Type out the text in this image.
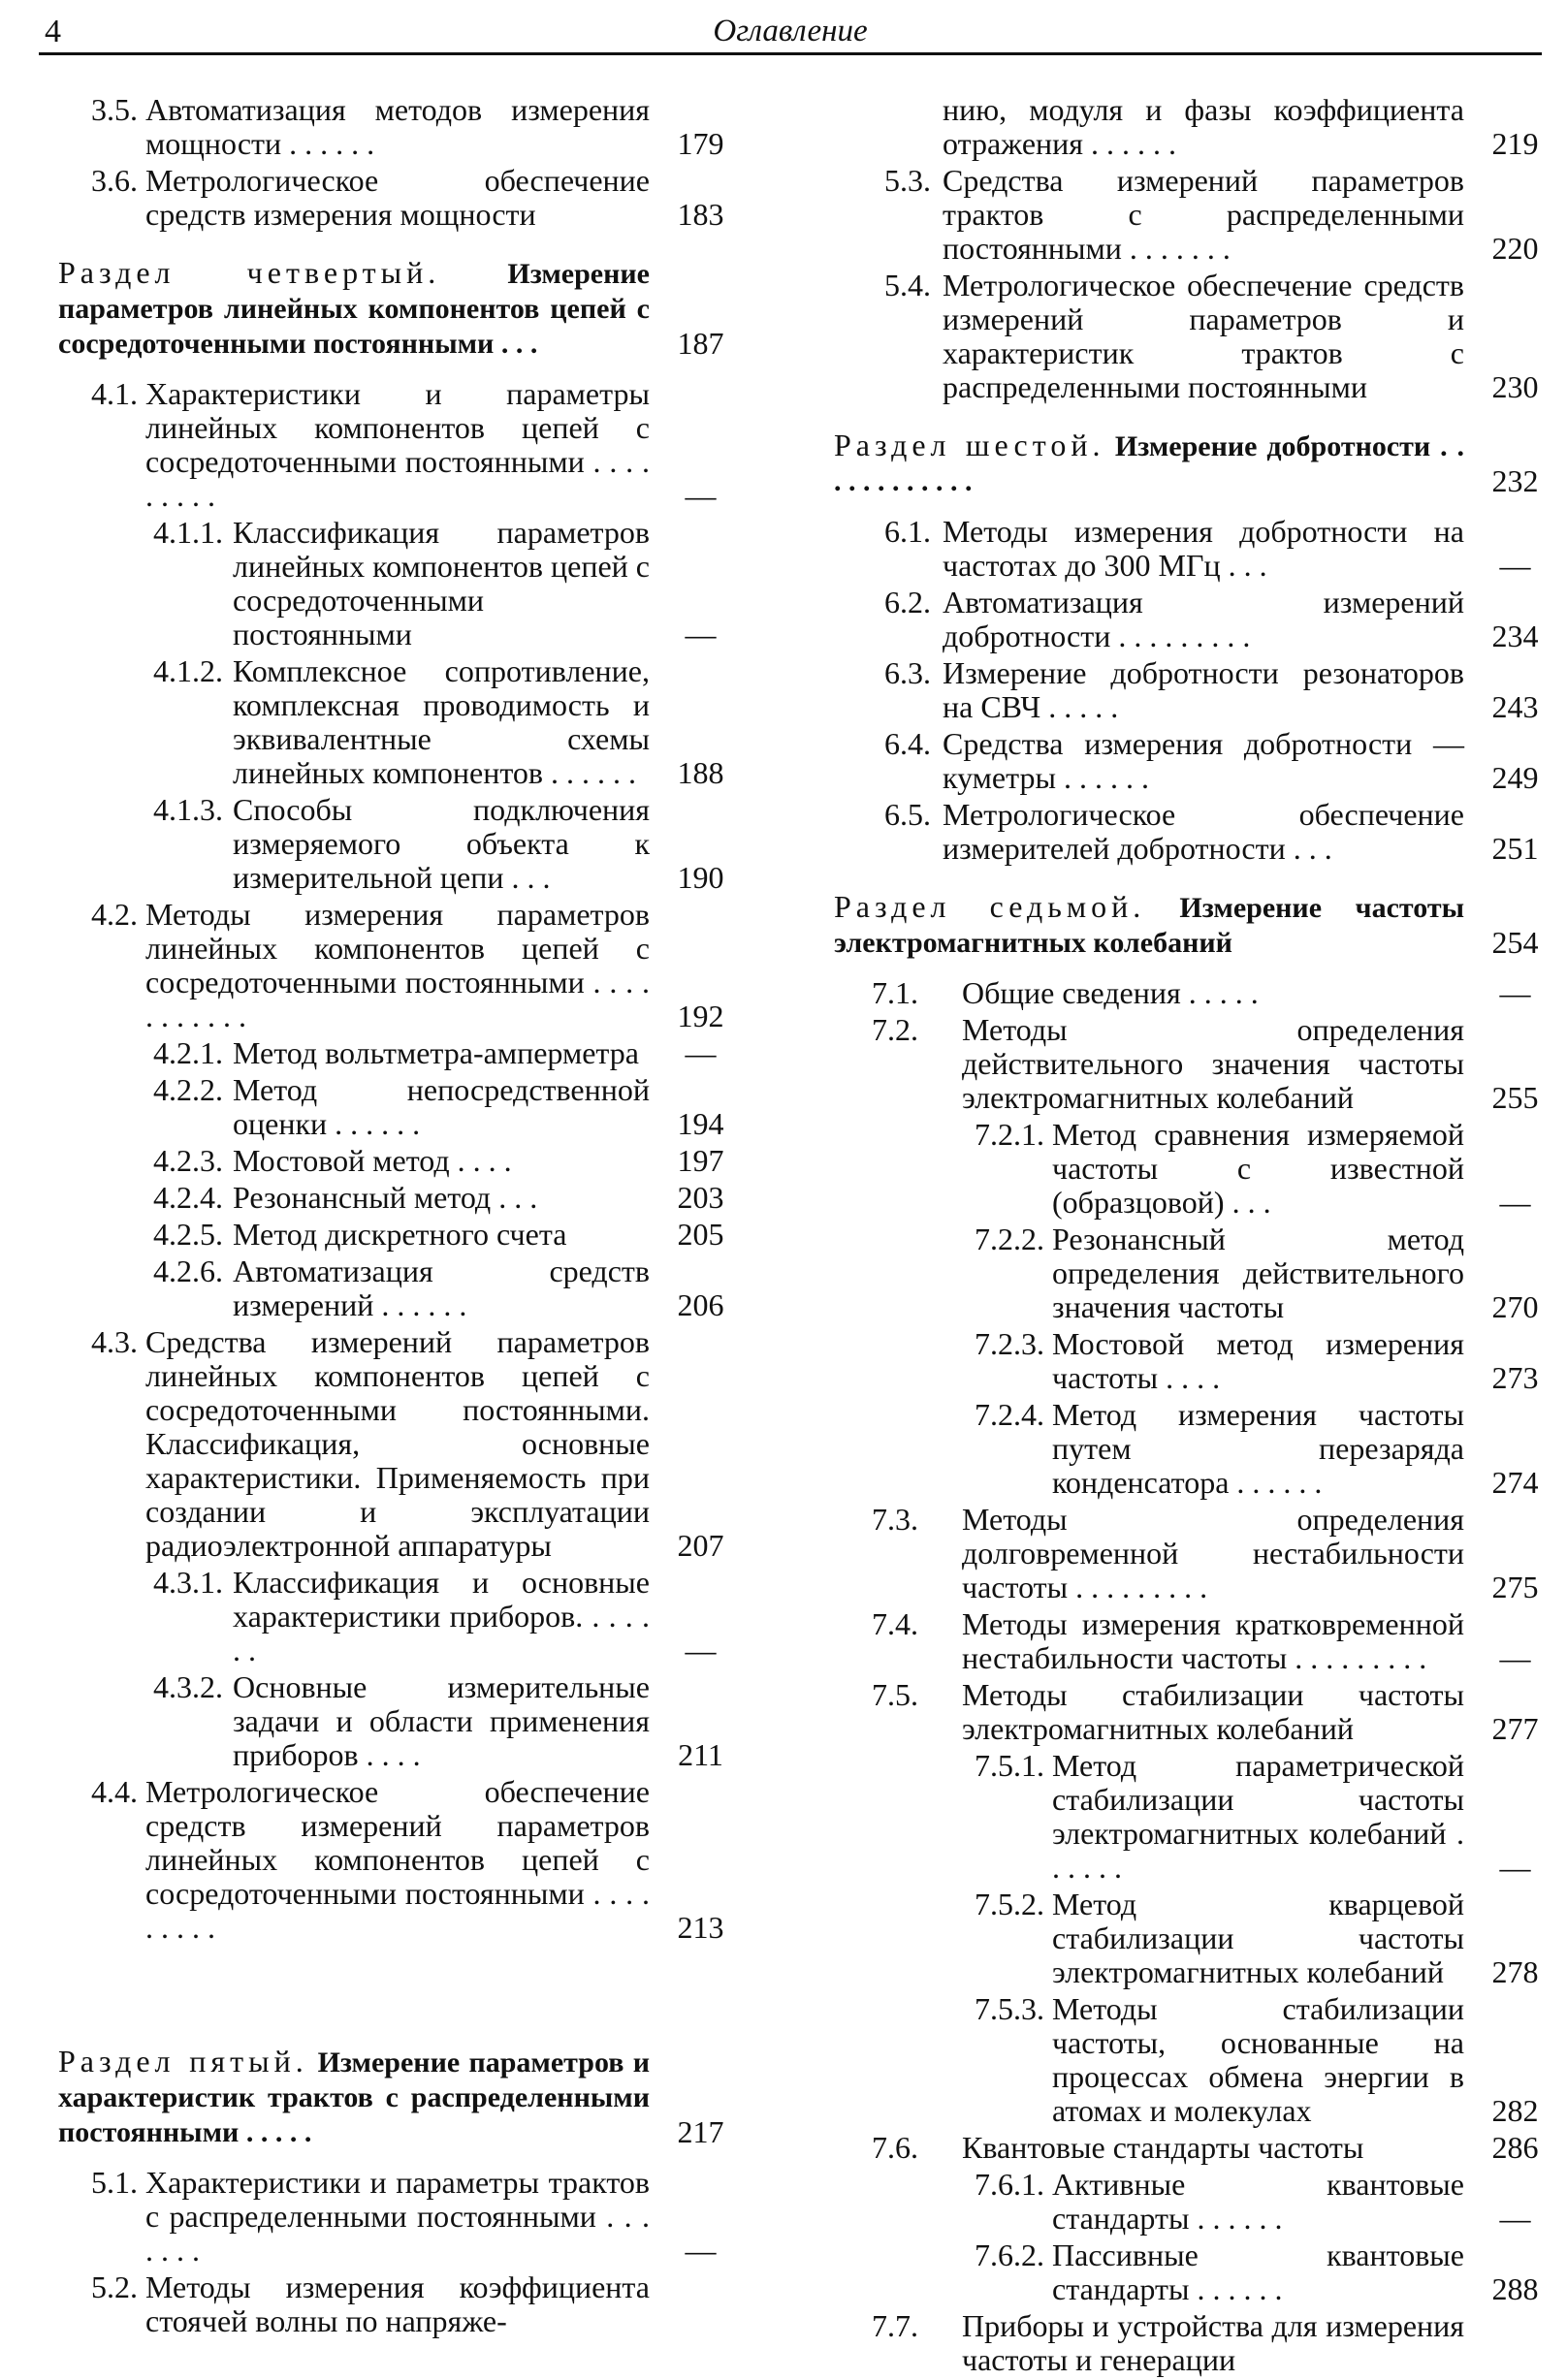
4	Оглавление
3.5. Автоматизация методов измерения мощности . . . . . .	179
3.6. Метрологическое обеспечение средств измерения мощности	183
Раздел четвертый. Измерение параметров линейных компонентов цепей с сосредоточенными постоянными . . .	187
4.1. Характеристики и параметры линейных компонентов цепей с сосредоточенными постоянными . . . . . . . . .	—
4.1.1. Классификация параметров линейных компонентов цепей с сосредоточенными постоянными	—
4.1.2. Комплексное сопротивление, комплексная проводимость и эквивалентные схемы линейных компонентов . . . . . .	188
4.1.3. Способы подключения измеряемого объекта к измерительной цепи . . .	190
4.2. Методы измерения параметров линейных компонентов цепей с сосредоточенными постоянными . . . . . . . . . . .	192
4.2.1. Метод вольтметра-амперметра	—
4.2.2. Метод непосредственной оценки . . . . . .	194
4.2.3. Мостовой метод . . . .	197
4.2.4. Резонансный метод . . .	203
4.2.5. Метод дискретного счета	205
4.2.6. Автоматизация средств измерений . . . . . .	206
4.3. Средства измерений параметров линейных компонентов цепей с сосредоточенными постоянными. Классификация, основные характеристики. Применяемость при создании и эксплуатации радиоэлектронной аппаратуры	207
4.3.1. Классификация и основные характеристики приборов. . . . . . .	—
4.3.2. Основные измерительные задачи и области применения приборов . . . .	211
4.4. Метрологическое обеспечение средств измерений параметров линейных компонентов цепей с сосредоточенными постоянными . . . . . . . . .	213
Раздел пятый. Измерение параметров и характеристик трактов с распределенными постоянными . . . . .	217
5.1. Характеристики и параметры трактов с распределенными постоянными . . . . . . .	—
5.2. Методы измерения коэффициента стоячей волны по напряже-
нию, модуля и фазы коэффициента отражения . . . . . .	219
5.3. Средства измерений параметров трактов с распределенными постоянными . . . . . . .	220
5.4. Метрологическое обеспечение средств измерений параметров и характеристик трактов с распределенными постоянными	230
Раздел шестой. Измерение добротности . . . . . . . . . . . .	232
6.1. Методы измерения добротности на частотах до 300 МГц . . .	—
6.2. Автоматизация измерений добротности . . . . . . . . .	234
6.3. Измерение добротности резонаторов на СВЧ . . . . .	243
6.4. Средства измерения добротности — куметры . . . . . .	249
6.5. Метрологическое обеспечение измерителей добротности . . .	251
Раздел седьмой. Измерение частоты электромагнитных колебаний	254
7.1. Общие сведения . . . . .	—
7.2. Методы определения действительного значения частоты электромагнитных колебаний	255
7.2.1. Метод сравнения измеряемой частоты с известной (образцовой) . . .	—
7.2.2. Резонансный метод определения действительного значения частоты	270
7.2.3. Мостовой метод измерения частоты . . . .	273
7.2.4. Метод измерения частоты путем перезаряда конденсатора . . . . . .	274
7.3. Методы определения долговременной нестабильности частоты . . . . . . . . .	275
7.4. Методы измерения кратковременной нестабильности частоты . . . . . . . . .	—
7.5. Методы стабилизации частоты электромагнитных колебаний	277
7.5.1. Метод параметрической стабилизации частоты электромагнитных колебаний . . . . . .	—
7.5.2. Метод кварцевой стабилизации частоты электромагнитных колебаний	278
7.5.3. Методы стабилизации частоты, основанные на процессах обмена энергии в атомах и молекулах	282
7.6. Квантовые стандарты частоты	286
7.6.1. Активные квантовые стандарты . . . . . .	—
7.6.2. Пассивные квантовые стандарты . . . . . .	288
7.7. Приборы и устройства для измерения частоты и генерации
